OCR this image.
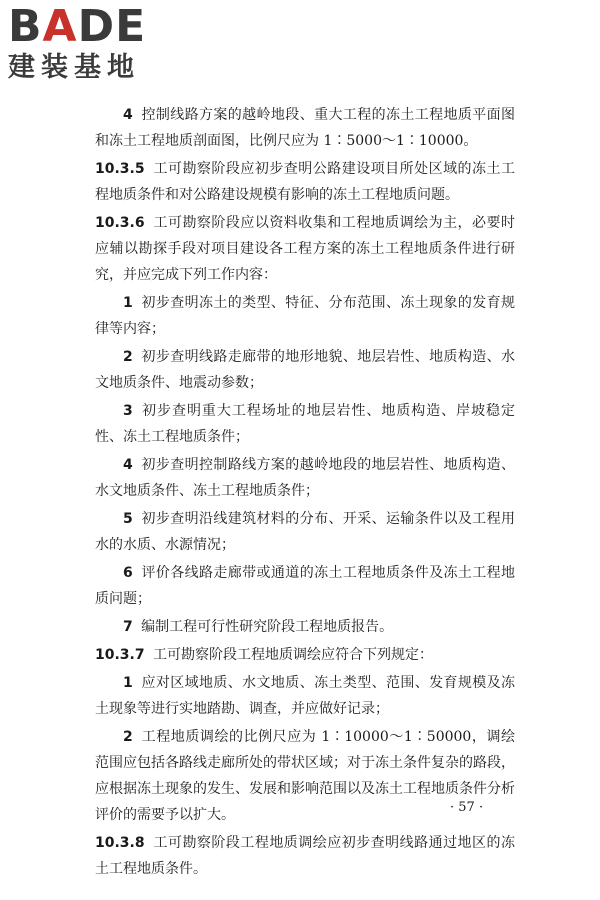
BADE
建装基地

4 控制线路方案的越岭地段、重大工程的冻土工程地质平面图和冻土工程地质剖面图，比例尺应为 1∶5000～1∶10000。

10.3.5 工可勘察阶段应初步查明公路建设项目所处区域的冻土工程地质条件和对公路建设规模有影响的冻土工程地质问题。

10.3.6 工可勘察阶段应以资料收集和工程地质调绘为主，必要时应辅以勘探手段对项目建设各工程方案的冻土工程地质条件进行研究，并应完成下列工作内容：

1 初步查明冻土的类型、特征、分布范围、冻土现象的发育规律等内容；

2 初步查明线路走廊带的地形地貌、地层岩性、地质构造、水文地质条件、地震动参数；

3 初步查明重大工程场址的地层岩性、地质构造、岸坡稳定性、冻土工程地质条件；

4 初步查明控制路线方案的越岭地段的地层岩性、地质构造、水文地质条件、冻土工程地质条件；

5 初步查明沿线建筑材料的分布、开采、运输条件以及工程用水的水质、水源情况；

6 评价各线路走廊带或通道的冻土工程地质条件及冻土工程地质问题；

7 编制工程可行性研究阶段工程地质报告。

10.3.7 工可勘察阶段工程地质调绘应符合下列规定：

1 应对区域地质、水文地质、冻土类型、范围、发育规模及冻土现象等进行实地踏勘、调查，并应做好记录；

2 工程地质调绘的比例尺应为 1∶10000～1∶50000，调绘范围应包括各路线走廊所处的带状区域；对于冻土条件复杂的路段，应根据冻土现象的发生、发展和影响范围以及冻土工程地质条件分析评价的需要予以扩大。

10.3.8 工可勘察阶段工程地质调绘应初步查明线路通过地区的冻土工程地质条件。

· 57 ·
